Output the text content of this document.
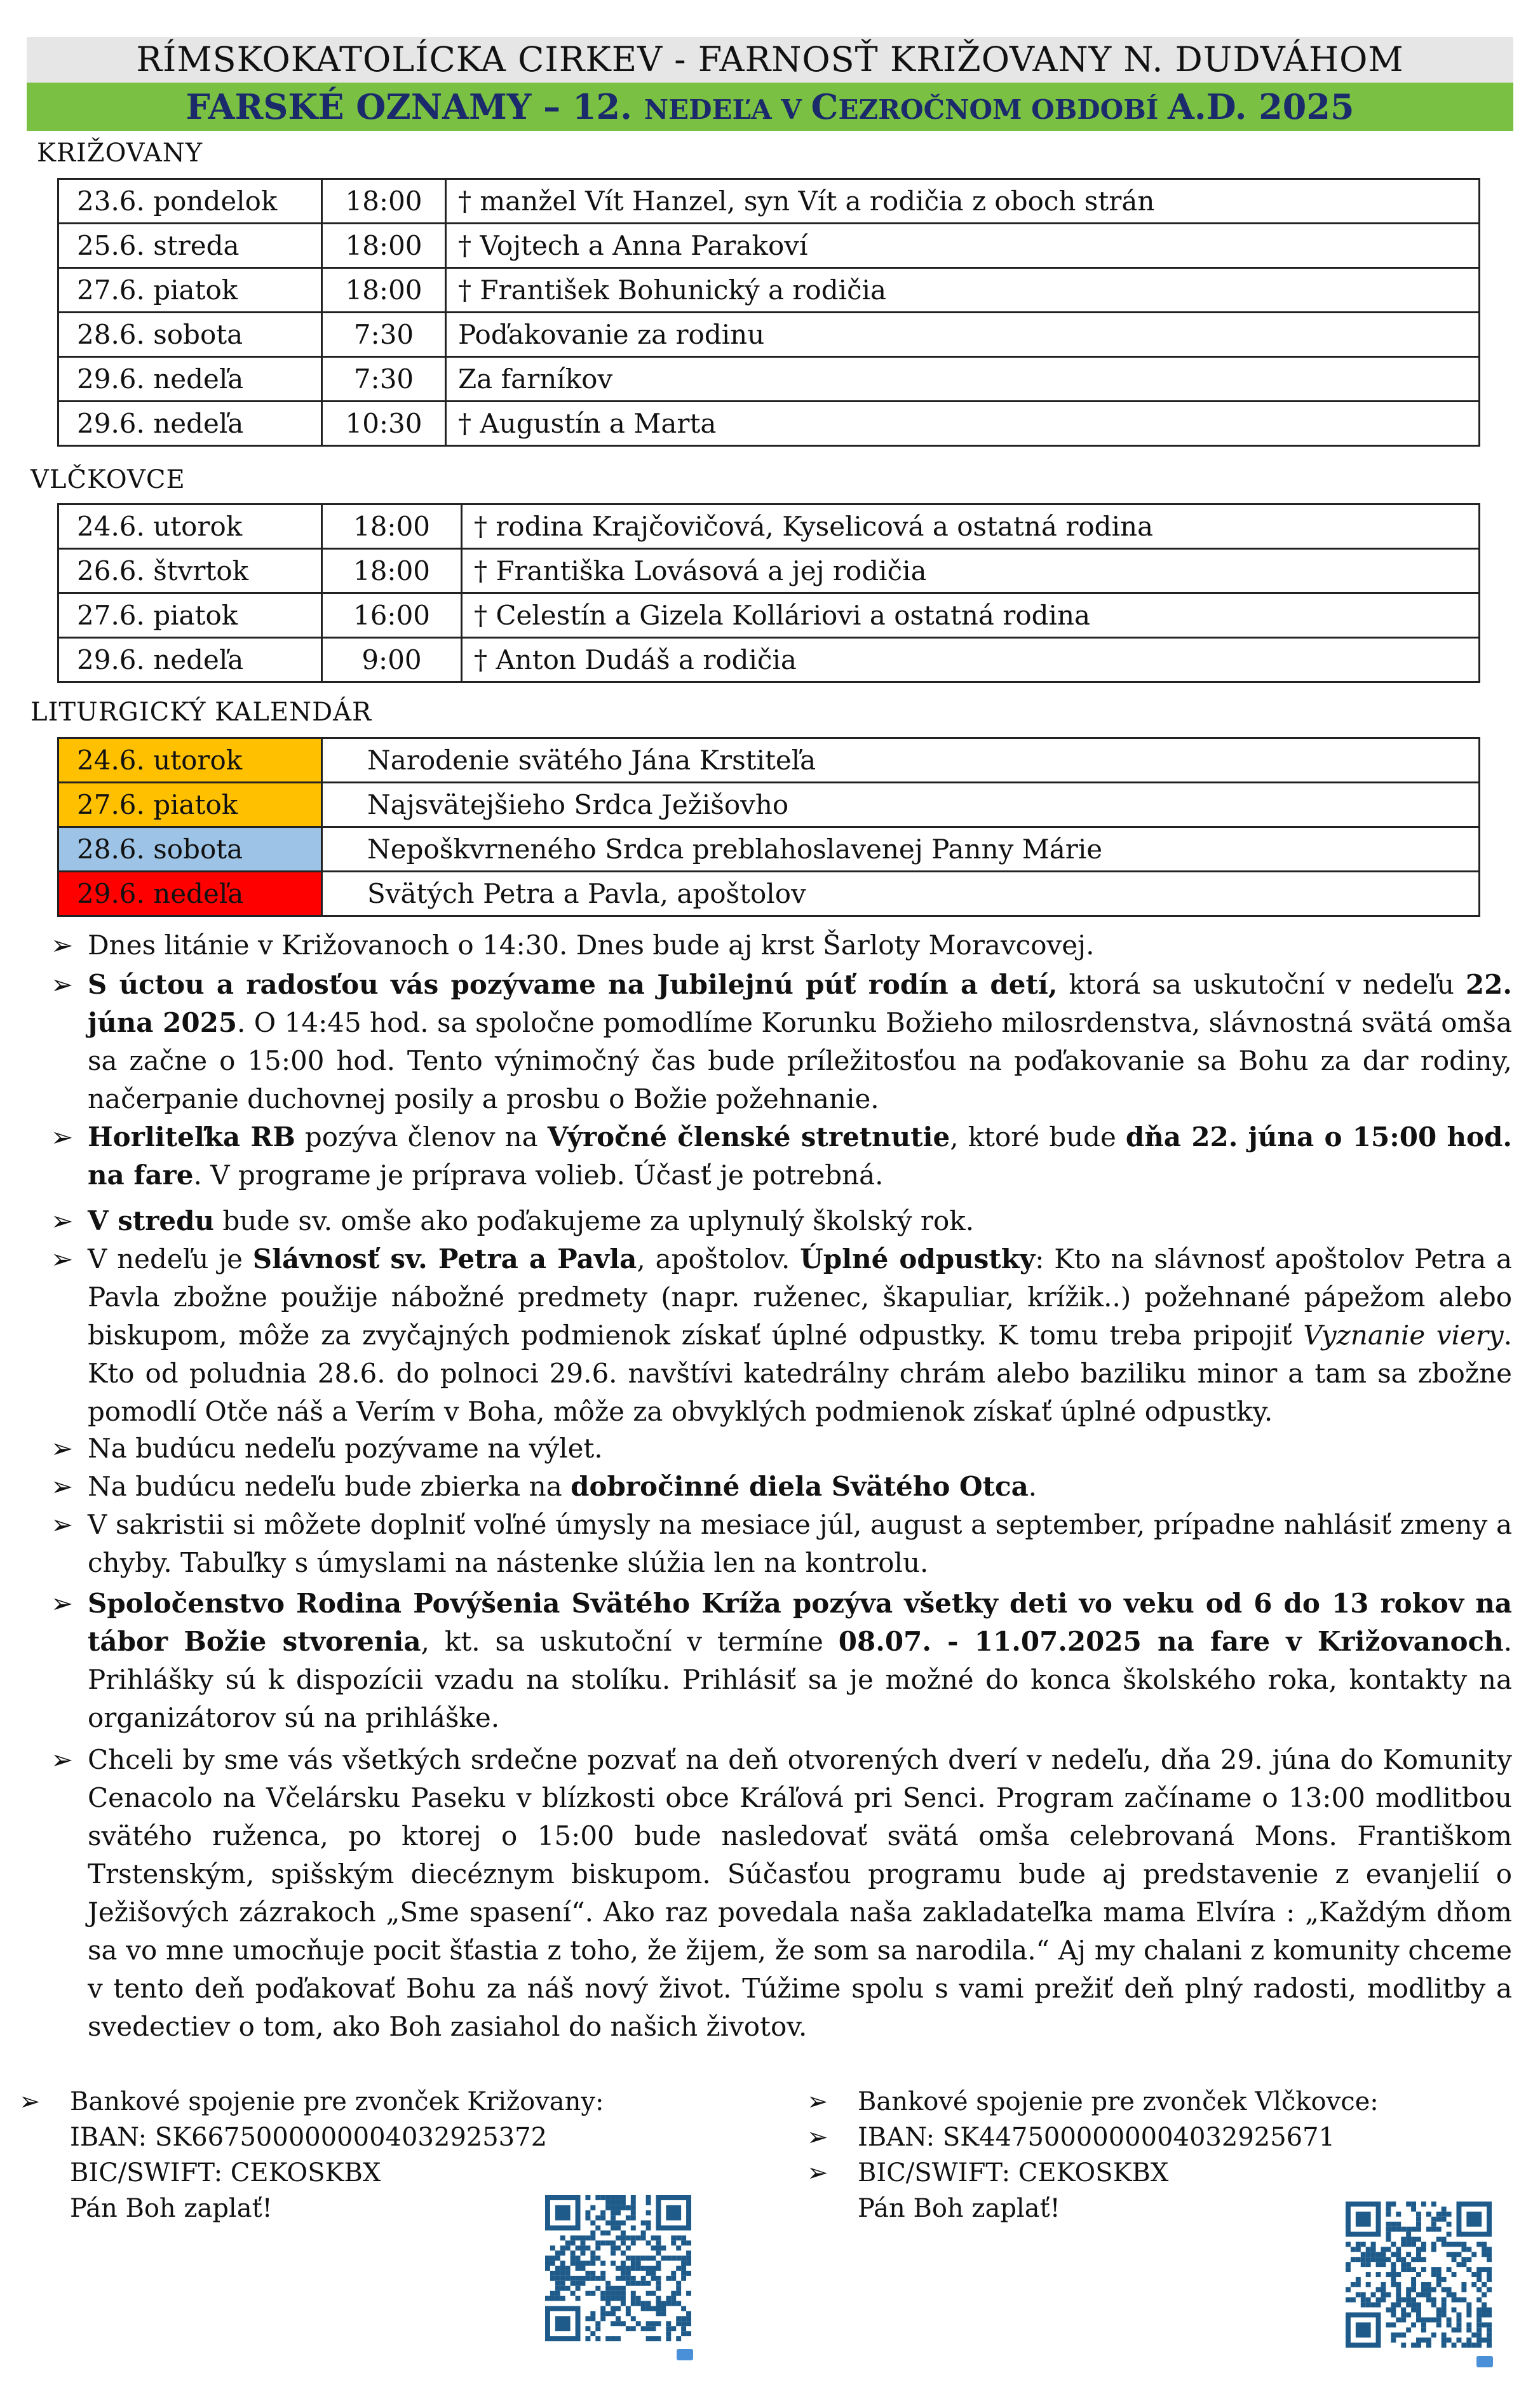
RÍMSKOKATOLÍCKA CIRKEV - FARNOSŤ KRIŽOVANY N. DUDVÁHOM
FARSKÉ OZNAMY – 12. NEDEĽA V CEZROČNOM OBDOBÍ A.D. 2025
KRIŽOVANY
23.6. pondelok	18:00	† manžel Vít Hanzel, syn Vít a rodičia z oboch strán
25.6. streda	18:00	† Vojtech a Anna Parakoví
27.6. piatok	18:00	† František Bohunický a rodičia
28.6. sobota	7:30	Poďakovanie za rodinu
29.6. nedeľa	7:30	Za farníkov
29.6. nedeľa	10:30	† Augustín a Marta
VLČKOVCE
24.6. utorok	18:00	† rodina Krajčovičová, Kyselicová a ostatná rodina
26.6. štvrtok	18:00	† Františka Lovásová a jej rodičia
27.6. piatok	16:00	† Celestín a Gizela Kolláriovi a ostatná rodina
29.6. nedeľa	9:00	† Anton Dudáš a rodičia
LITURGICKÝ KALENDÁR
24.6. utorok	Narodenie svätého Jána Krstiteľa
27.6. piatok	Najsvätejšieho Srdca Ježišovho
28.6. sobota	Nepoškvrneného Srdca preblahoslavenej Panny Márie
29.6. nedeľa	Svätých Petra a Pavla, apoštolov
➢ Dnes litánie v Križovanoch o 14:30. Dnes bude aj krst Šarloty Moravcovej.
➢ S úctou a radosťou vás pozývame na Jubilejnú púť rodín a detí, ktorá sa uskutoční v nedeľu 22. júna 2025. O 14:45 hod. sa spoločne pomodlíme Korunku Božieho milosrdenstva, slávnostná svätá omša sa začne o 15:00 hod. Tento výnimočný čas bude príležitosťou na poďakovanie sa Bohu za dar rodiny, načerpanie duchovnej posily a prosbu o Božie požehnanie.
➢ Horliteľka RB pozýva členov na Výročné členské stretnutie, ktoré bude dňa 22. júna o 15:00 hod. na fare. V programe je príprava volieb. Účasť je potrebná.
➢ V stredu bude sv. omše ako poďakujeme za uplynulý školský rok.
➢ V nedeľu je Slávnosť sv. Petra a Pavla, apoštolov. Úplné odpustky: Kto na slávnosť apoštolov Petra a Pavla zbožne použije nábožné predmety (napr. ruženec, škapuliar, krížik..) požehnané pápežom alebo biskupom, môže za zvyčajných podmienok získať úplné odpustky. K tomu treba pripojiť Vyznanie viery. Kto od poludnia 28.6. do polnoci 29.6. navštívi katedrálny chrám alebo baziliku minor a tam sa zbožne pomodlí Otče náš a Verím v Boha, môže za obvyklých podmienok získať úplné odpustky.
➢ Na budúcu nedeľu pozývame na výlet.
➢ Na budúcu nedeľu bude zbierka na dobročinné diela Svätého Otca.
➢ V sakristii si môžete doplniť voľné úmysly na mesiace júl, august a september, prípadne nahlásiť zmeny a chyby. Tabuľky s úmyslami na nástenke slúžia len na kontrolu.
➢ Spoločenstvo Rodina Povýšenia Svätého Kríža pozýva všetky deti vo veku od 6 do 13 rokov na tábor Božie stvorenia, kt. sa uskutoční v termíne 08.07. - 11.07.2025 na fare v Križovanoch. Prihlášky sú k dispozícii vzadu na stolíku. Prihlásiť sa je možné do konca školského roka, kontakty na organizátorov sú na prihláške.
➢ Chceli by sme vás všetkých srdečne pozvať na deň otvorených dverí v nedeľu, dňa 29. júna do Komunity Cenacolo na Včelársku Paseku v blízkosti obce Kráľová pri Senci. Program začíname o 13:00 modlitbou svätého ruženca, po ktorej o 15:00 bude nasledovať svätá omša celebrovaná Mons. Františkom Trstenským, spišským diecéznym biskupom. Súčasťou programu bude aj predstavenie z evanjelií o Ježišových zázrakoch „Sme spasení“. Ako raz povedala naša zakladateľka mama Elvíra : „Každým dňom sa vo mne umocňuje pocit šťastia z toho, že žijem, že som sa narodila.“ Aj my chalani z komunity chceme v tento deň poďakovať Bohu za náš nový život. Túžime spolu s vami prežiť deň plný radosti, modlitby a svedectiev o tom, ako Boh zasiahol do našich životov.
➢ Bankové spojenie pre zvonček Križovany:
IBAN: SK6675000000004032925372
BIC/SWIFT: CEKOSKBX
Pán Boh zaplať!
➢ Bankové spojenie pre zvonček Vlčkovce:
➢ IBAN: SK4475000000004032925671
➢ BIC/SWIFT: CEKOSKBX
Pán Boh zaplať!
